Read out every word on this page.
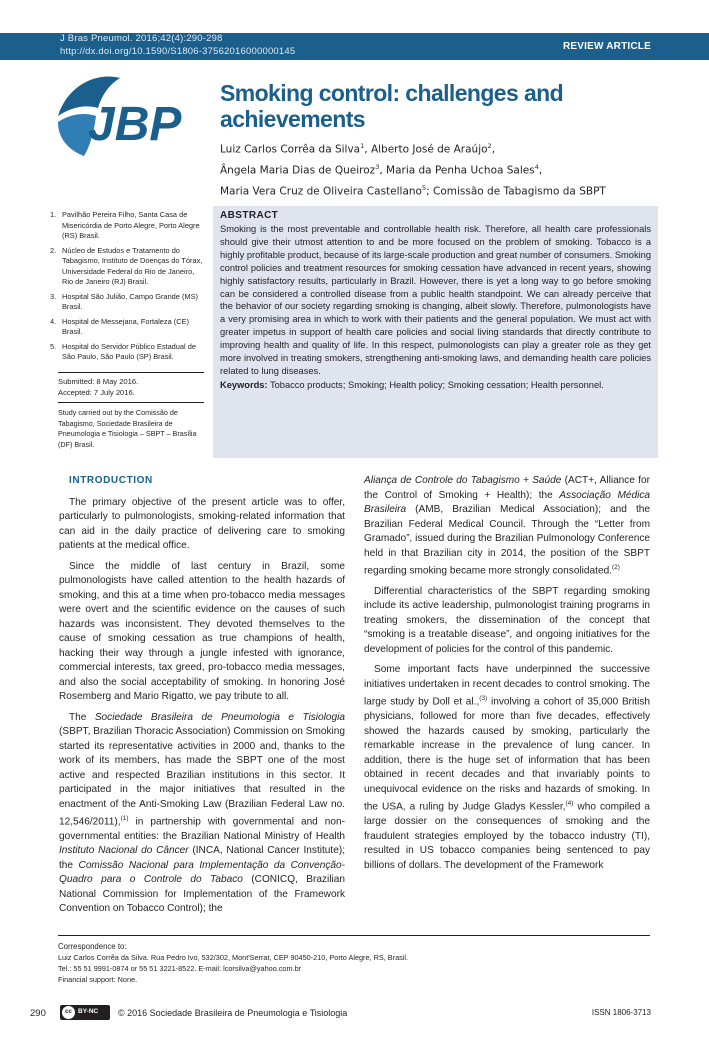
J Bras Pneumol. 2016;42(4):290-298
http://dx.doi.org/10.1590/S1806-37562016000000145	REVIEW ARTICLE
JBP
Smoking control: challenges and achievements
Luiz Carlos Corrêa da Silva$^1$, Alberto José de Araújo$^2$,
Ângela Maria Dias de Queiroz$^3$, Maria da Penha Uchoa Sales$^4$,
Maria Vera Cruz de Oliveira Castellano$^5$; Comissão de Tabagismo da SBPT
1. Pavilhão Pereira Filho, Santa Casa de Misericórdia de Porto Alegre, Porto Alegre (RS) Brasil.
2. Núcleo de Estudos e Tratamento do Tabagismo, Instituto de Doenças do Tórax, Universidade Federal do Rio de Janeiro, Rio de Janeiro (RJ) Brasil.
3. Hospital São Julião, Campo Grande (MS) Brasil.
4. Hospital de Messejana, Fortaleza (CE) Brasil.
5. Hospital do Servidor Público Estadual de São Paulo, São Paulo (SP) Brasil.
Submitted: 8 May 2016.
Accepted: 7 July 2016.
Study carried out by the Comissão de Tabagismo, Sociedade Brasileira de Pneumologia e Tisiologia – SBPT – Brasília (DF) Brasil.
ABSTRACT

Smoking is the most preventable and controllable health risk. Therefore, all health care professionals should give their utmost attention to and be more focused on the problem of smoking. Tobacco is a highly profitable product, because of its large-scale production and great number of consumers. Smoking control policies and treatment resources for smoking cessation have advanced in recent years, showing highly satisfactory results, particularly in Brazil. However, there is yet a long way to go before smoking can be considered a controlled disease from a public health standpoint. We can already perceive that the behavior of our society regarding smoking is changing, albeit slowly. Therefore, pulmonologists have a very promising area in which to work with their patients and the general population. We must act with greater impetus in support of health care policies and social living standards that directly contribute to improving health and quality of life. In this respect, pulmonologists can play a greater role as they get more involved in treating smokers, strengthening anti-smoking laws, and demanding health care policies related to lung diseases.

Keywords: Tobacco products; Smoking; Health policy; Smoking cessation; Health personnel.

INTRODUCTION

The primary objective of the present article was to offer, particularly to pulmonologists, smoking-related information that can aid in the daily practice of delivering care to smoking patients at the medical office.

Since the middle of last century in Brazil, some pulmonologists have called attention to the health hazards of smoking, and this at a time when pro-tobacco media messages were overt and the scientific evidence on the causes of such hazards was inconsistent. They devoted themselves to the cause of smoking cessation as true champions of health, hacking their way through a jungle infested with ignorance, commercial interests, tax greed, pro-tobacco media messages, and also the social acceptability of smoking. In honoring José Rosemberg and Mario Rigatto, we pay tribute to all.

The Sociedade Brasileira de Pneumologia e Tisiologia (SBPT, Brazilian Thoracic Association) Commission on Smoking started its representative activities in 2000 and, thanks to the work of its members, has made the SBPT one of the most active and respected Brazilian institutions in this sector. It participated in the major initiatives that resulted in the enactment of the Anti-Smoking Law (Brazilian Federal Law no. 12,546/2011),$^{(1)}$ in partnership with governmental and non-governmental entities: the Brazilian National Ministry of Health Instituto Nacional do Câncer (INCA, National Cancer Institute); the Comissão Nacional para Implementação da Convenção-Quadro para o Controle do Tabaco (CONICQ, Brazilian National Commission for Implementation of the Framework Convention on Tobacco Control); the

Aliança de Controle do Tabagismo + Saúde (ACT+, Alliance for the Control of Smoking + Health); the Associação Médica Brasileira (AMB, Brazilian Medical Association); and the Brazilian Federal Medical Council. Through the “Letter from Gramado”, issued during the Brazilian Pulmonology Conference held in that Brazilian city in 2014, the position of the SBPT regarding smoking became more strongly consolidated.$^{(2)}$

Differential characteristics of the SBPT regarding smoking include its active leadership, pulmonologist training programs in treating smokers, the dissemination of the concept that “smoking is a treatable disease”, and ongoing initiatives for the development of policies for the control of this pandemic.

Some important facts have underpinned the successive initiatives undertaken in recent decades to control smoking. The large study by Doll et al.,$^{(3)}$ involving a cohort of 35,000 British physicians, followed for more than five decades, effectively showed the hazards caused by smoking, particularly the remarkable increase in the prevalence of lung cancer. In addition, there is the huge set of information that has been obtained in recent decades and that invariably points to unequivocal evidence on the risks and hazards of smoking. In the USA, a ruling by Judge Gladys Kessler,$^{(4)}$ who compiled a large dossier on the consequences of smoking and the fraudulent strategies employed by the tobacco industry (TI), resulted in US tobacco companies being sentenced to pay billions of dollars. The development of the Framework

Correspondence to:
Luiz Carlos Corrêa da Silva. Rua Pedro Ivo, 532/302, Mont'Serrat, CEP 90450-210, Porto Alegre, RS, Brasil.
Tel.: 55 51 9991-0874 or 55 51 3221-8522. E-mail: lcorsilva@yahoo.com.br
Financial support: None.
290	cc BY-NC © 2016 Sociedade Brasileira de Pneumologia e Tisiologia	ISSN 1806-3713
